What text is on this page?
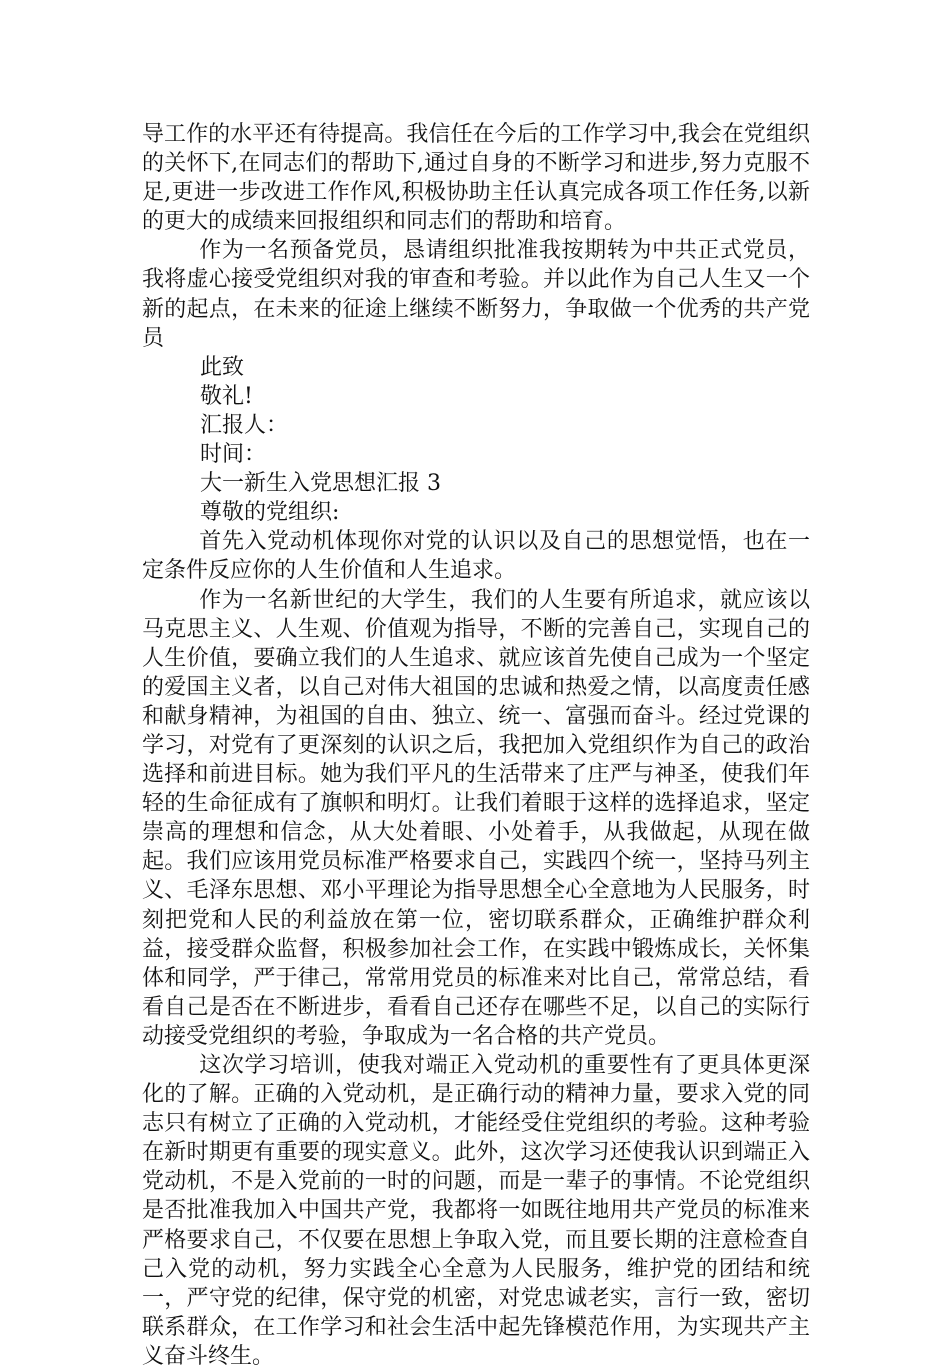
导工作的水平还有待提高。我信任在今后的工作学习中,我会在党组织的关怀下,在同志们的帮助下,通过自身的不断学习和进步,努力克服不足,更进一步改进工作作风,积极协助主任认真完成各项工作任务,以新的更大的成绩来回报组织和同志们的帮助和培育。

作为一名预备党员，恳请组织批准我按期转为中共正式党员，我将虚心接受党组织对我的审查和考验。并以此作为自己人生又一个新的起点，在未来的征途上继续不断努力，争取做一个优秀的共产党员

此致

敬礼!

汇报人：

时间：

大一新生入党思想汇报 3

尊敬的党组织:

首先入党动机体现你对党的认识以及自己的思想觉悟，也在一定条件反应你的人生价值和人生追求。

作为一名新世纪的大学生，我们的人生要有所追求，就应该以马克思主义、人生观、价值观为指导，不断的完善自己，实现自己的人生价值，要确立我们的人生追求、就应该首先使自己成为一个坚定的爱国主义者，以自己对伟大祖国的忠诚和热爱之情，以高度责任感和献身精神，为祖国的自由、独立、统一、富强而奋斗。经过党课的学习，对党有了更深刻的认识之后，我把加入党组织作为自己的政治选择和前进目标。她为我们平凡的生活带来了庄严与神圣，使我们年轻的生命征成有了旗帜和明灯。让我们着眼于这样的选择追求，坚定崇高的理想和信念，从大处着眼、小处着手，从我做起，从现在做起。我们应该用党员标准严格要求自己，实践四个统一，坚持马列主义、毛泽东思想、邓小平理论为指导思想全心全意地为人民服务，时刻把党和人民的利益放在第一位，密切联系群众，正确维护群众利益，接受群众监督，积极参加社会工作，在实践中锻炼成长，关怀集体和同学，严于律己，常常用党员的标准来对比自己，常常总结，看看自己是否在不断进步，看看自己还存在哪些不足，以自己的实际行动接受党组织的考验，争取成为一名合格的共产党员。

这次学习培训，使我对端正入党动机的重要性有了更具体更深化的了解。正确的入党动机，是正确行动的精神力量，要求入党的同志只有树立了正确的入党动机，才能经受住党组织的考验。这种考验在新时期更有重要的现实意义。此外，这次学习还使我认识到端正入党动机，不是入党前的一时的问题，而是一辈子的事情。不论党组织是否批准我加入中国共产党，我都将一如既往地用共产党员的标准来严格要求自己，不仅要在思想上争取入党，而且要长期的注意检查自己入党的动机，努力实践全心全意为人民服务，维护党的团结和统一，严守党的纪律，保守党的机密，对党忠诚老实，言行一致，密切联系群众，在工作学习和社会生活中起先锋模范作用，为实现共产主义奋斗终生。
